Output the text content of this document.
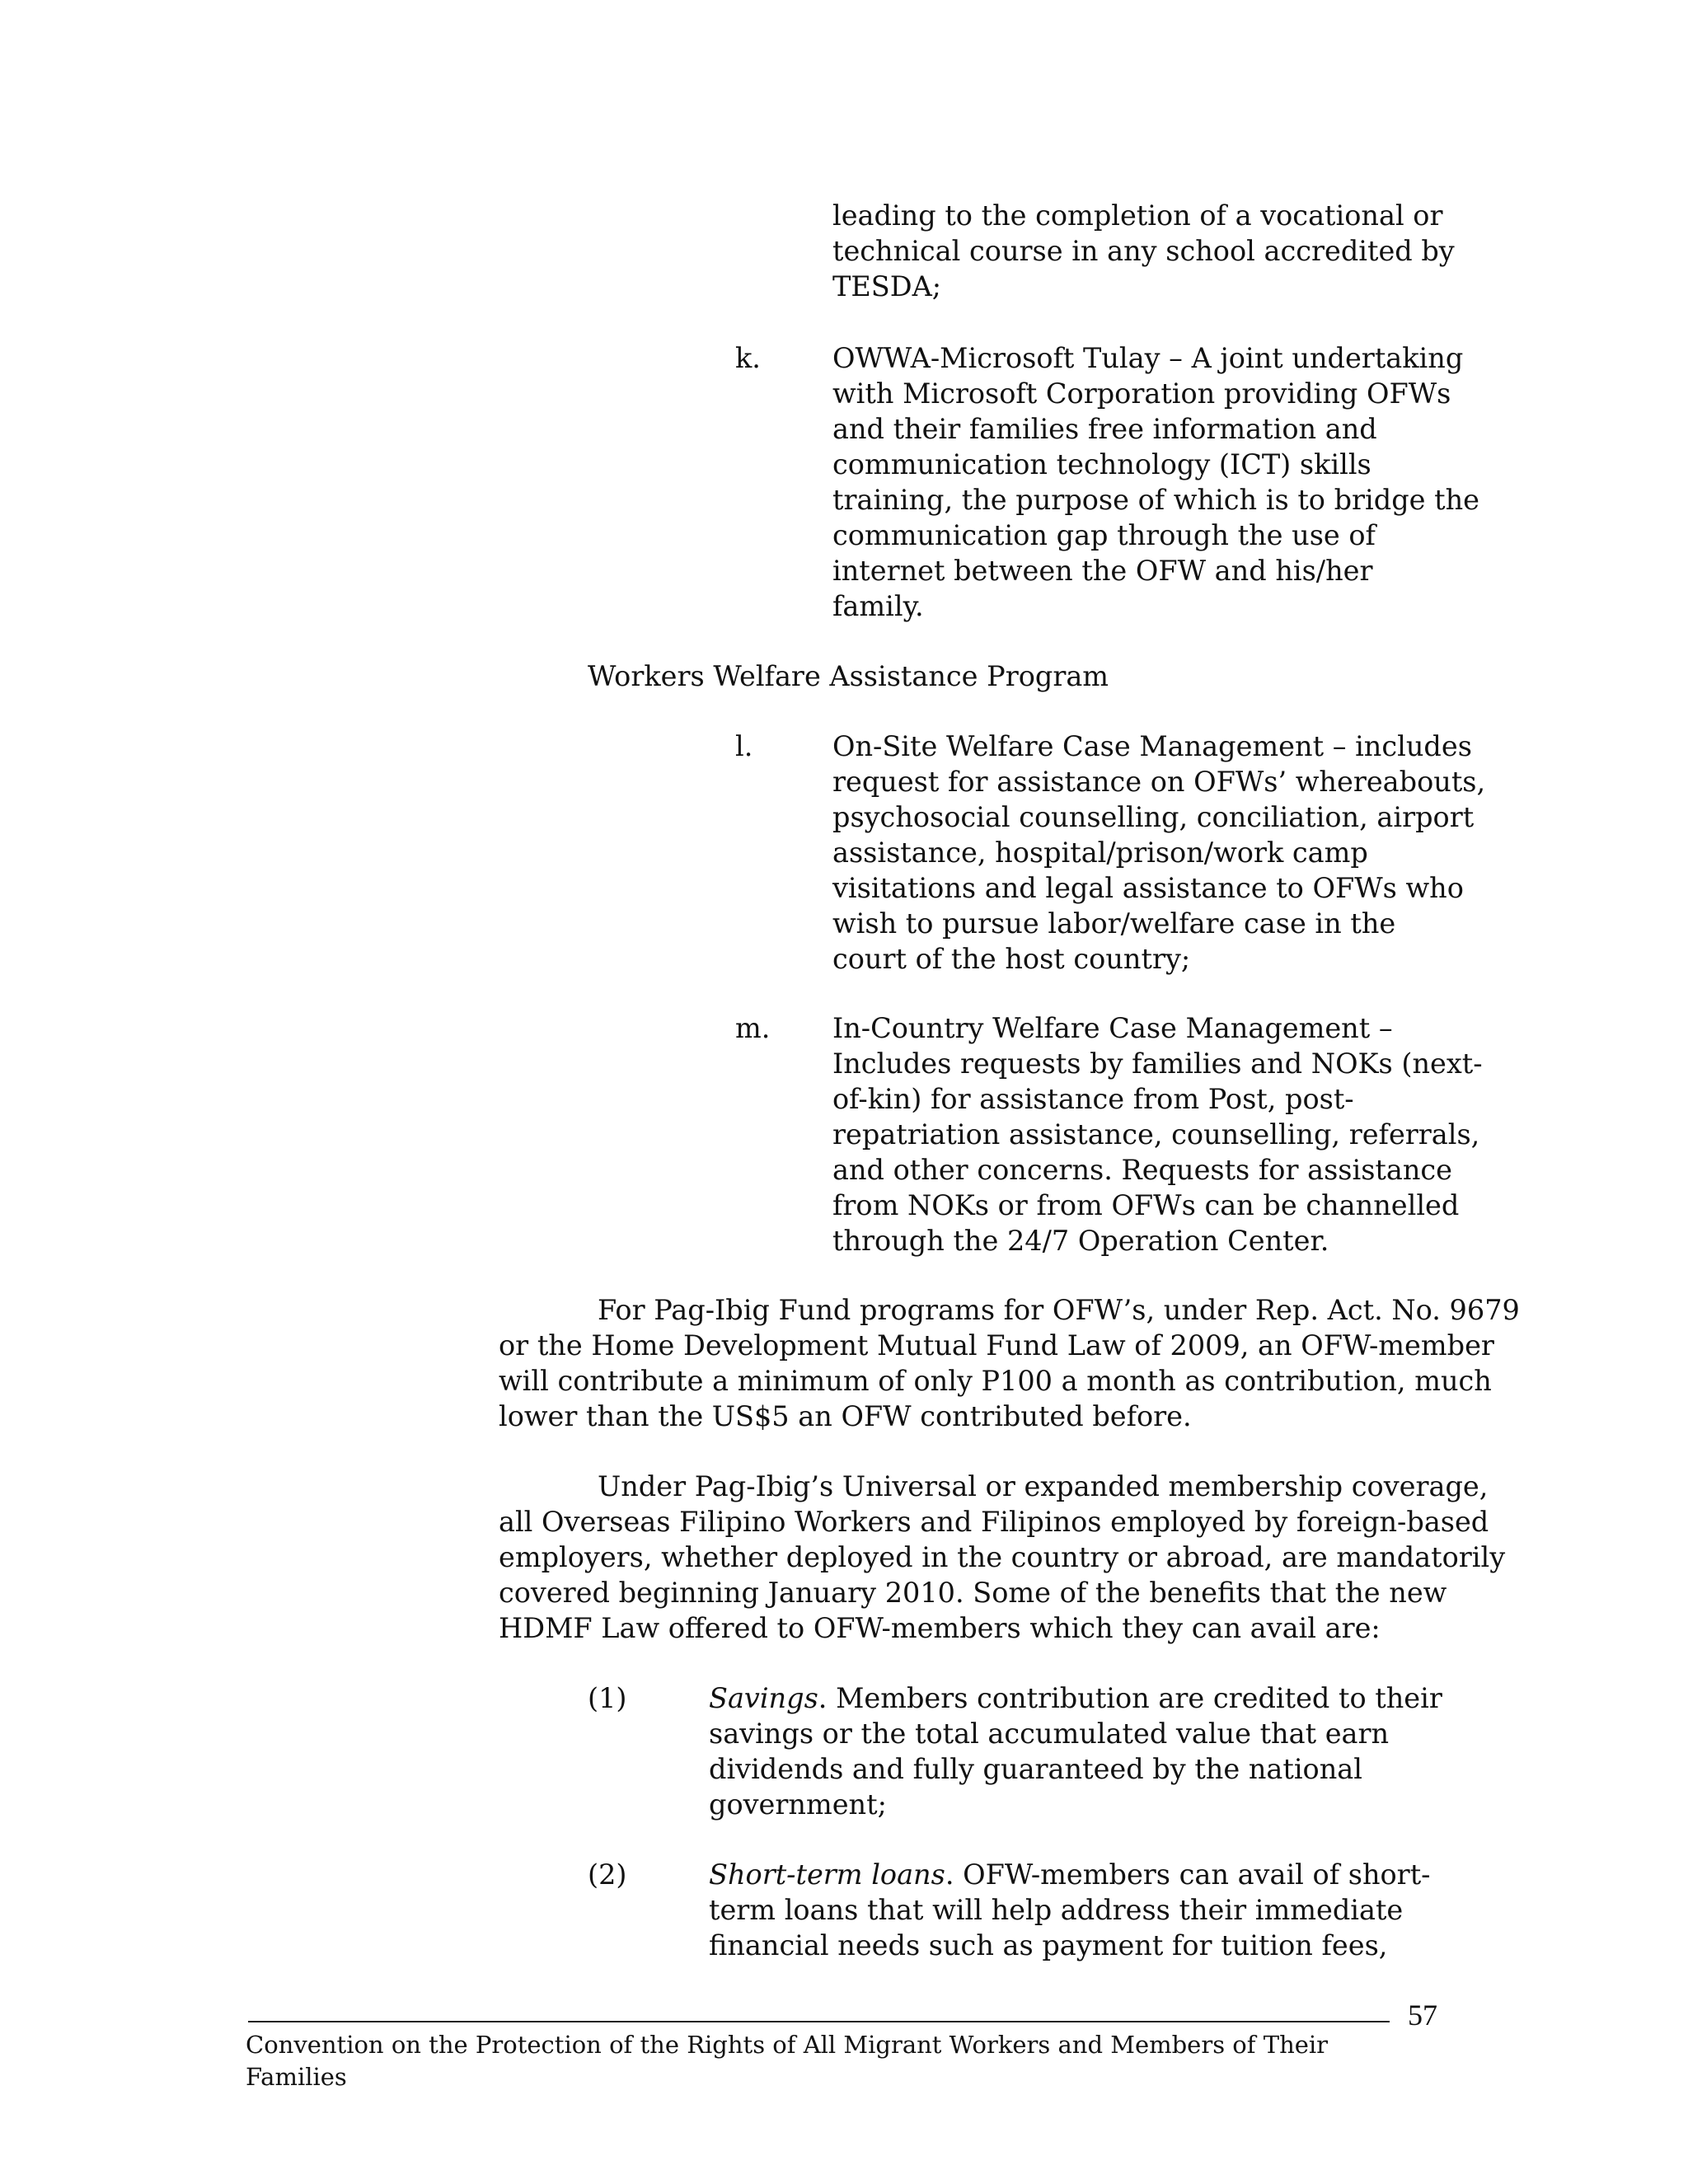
leading to the completion of a vocational or
technical course in any school accredited by
TESDA;
k.	OWWA-Microsoft Tulay – A joint undertaking
with Microsoft Corporation providing OFWs
and their families free information and
communication technology (ICT) skills
training, the purpose of which is to bridge the
communication gap through the use of
internet between the OFW and his/her
family.
Workers Welfare Assistance Program
l.	On-Site Welfare Case Management – includes
request for assistance on OFWs’ whereabouts,
psychosocial counselling, conciliation, airport
assistance, hospital/prison/work camp
visitations and legal assistance to OFWs who
wish to pursue labor/welfare case in the
court of the host country;
m. In-Country Welfare Case Management –
Includes requests by families and NOKs (next-
of-kin) for assistance from Post, post-
repatriation assistance, counselling, referrals,
and other concerns. Requests for assistance
from NOKs or from OFWs can be channelled
through the 24/7 Operation Center.
For Pag-Ibig Fund programs for OFW’s, under Rep. Act. No. 9679
or the Home Development Mutual Fund Law of 2009, an OFW-member
will contribute a minimum of only P100 a month as contribution, much
lower than the US$5 an OFW contributed before.
Under Pag-Ibig’s Universal or expanded membership coverage,
all Overseas Filipino Workers and Filipinos employed by foreign-based
employers, whether deployed in the country or abroad, are mandatorily
covered beginning January 2010. Some of the benefits that the new
HDMF Law offered to OFW-members which they can avail are:
(1)	Savings. Members contribution are credited to their
savings or the total accumulated value that earn
dividends and fully guaranteed by the national
government;
(2)	Short-term loans. OFW-members can avail of short-
term loans that will help address their immediate
financial needs such as payment for tuition fees,
57
Convention on the Protection of the Rights of All Migrant Workers and Members of Their
Families
